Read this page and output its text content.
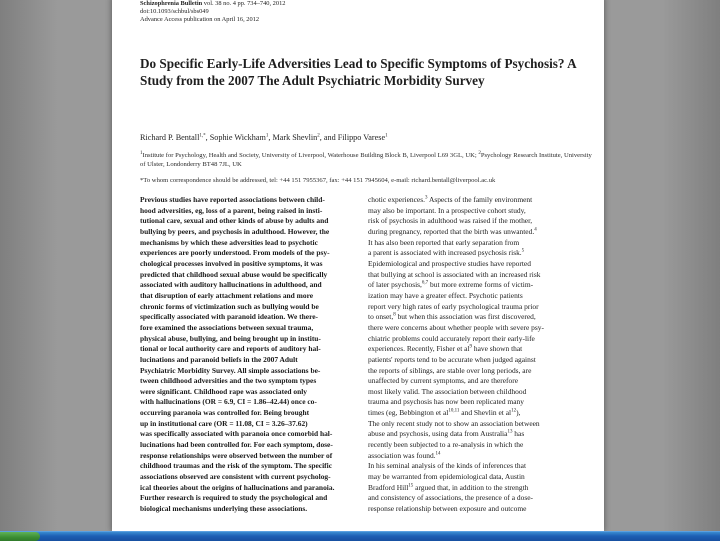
Schizophrenia Bulletin vol. 38 no. 4 pp. 734–740, 2012
doi:10.1093/schbul/sbs049
Advance Access publication on April 16, 2012
Do Specific Early-Life Adversities Lead to Specific Symptoms of Psychosis? A Study from the 2007 The Adult Psychiatric Morbidity Survey
Richard P. Bentall$^{1,*}$, Sophie Wickham$^1$, Mark Shevlin$^2$, and Filippo Varese$^1$
$^1$Institute for Psychology, Health and Society, University of Liverpool, Waterhouse Building Block B, Liverpool L69 3GL, UK; $^2$Psychology Research Institute, University of Ulster, Londonderry BT48 7JL, UK
*To whom correspondence should be addressed, tel: +44 151 7955367, fax: +44 151 7945604, e-mail: richard.bentall@liverpool.ac.uk
Previous studies have reported associations between child-
hood adversities, eg, loss of a parent, being raised in insti-
tutional care, sexual and other kinds of abuse by adults and
bullying by peers, and psychosis in adulthood. However, the
mechanisms by which these adversities lead to psychotic
experiences are poorly understood. From models of the psy-
chological processes involved in positive symptoms, it was
predicted that childhood sexual abuse would be specifically
associated with auditory hallucinations in adulthood, and
that disruption of early attachment relations and more
chronic forms of victimization such as bullying would be
specifically associated with paranoid ideation. We there-
fore examined the associations between sexual trauma,
physical abuse, bullying, and being brought up in institu-
tional or local authority care and reports of auditory hal-
lucinations and paranoid beliefs in the 2007 Adult
Psychiatric Morbidity Survey. All simple associations be-
tween childhood adversities and the two symptom types
were significant. Childhood rape was associated only
with hallucinations (OR = 6.9, CI = 1.86–42.44) once co-
occurring paranoia was controlled for. Being brought
up in institutional care (OR = 11.08, CI = 3.26–37.62)
was specifically associated with paranoia once comorbid hal-
lucinations had been controlled for. For each symptom, dose-
response relationships were observed between the number of
childhood traumas and the risk of the symptom. The specific
associations observed are consistent with current psycholog-
ical theories about the origins of hallucinations and paranoia.
Further research is required to study the psychological and
biological mechanisms underlying these associations.
chotic experiences.$^3$ Aspects of the family environment
may also be important. In a prospective cohort study,
risk of psychosis in adulthood was raised if the mother,
during pregnancy, reported that the birth was unwanted.$^4$
It has also been reported that early separation from
a parent is associated with increased psychosis risk.$^5$
Epidemiological and prospective studies have reported
that bullying at school is associated with an increased risk
of later psychosis,$^{6,7}$ but more extreme forms of victim-
ization may have a greater effect. Psychotic patients
report very high rates of early psychological trauma prior
to onset,$^8$ but when this association was first discovered,
there were concerns about whether people with severe psy-
chiatric problems could accurately report their early-life
experiences. Recently, Fisher et $al^9$ have shown that
patients' reports tend to be accurate when judged against
the reports of siblings, are stable over long periods, are
unaffected by current symptoms, and are therefore
most likely valid. The association between childhood
trauma and psychosis has now been replicated many
times (eg, Bebbington et al$^{10,11}$ and Shevlin et $al^{12}$),
The only recent study not to show an association between
abuse and psychosis, using data from Australia$^{13}$ has
recently been subjected to a re-analysis in which the
association was found.$^{14}$
In his seminal analysis of the kinds of inferences that
may be warranted from epidemiological data, Austin
Bradford Hill$^{15}$ argued that, in addition to the strength
and consistency of associations, the presence of a dose-
response relationship between exposure and outcome
